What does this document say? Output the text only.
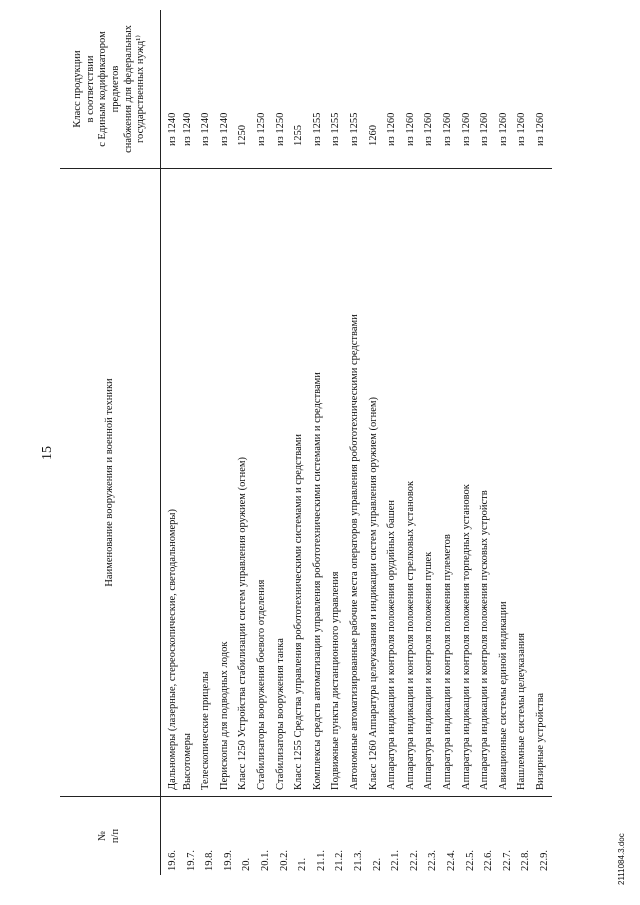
15
№ п/п	Наименование вооружения и военной техники	Класс продукции в соответствии с Единым кодификатором предметов снабжения для федеральных государственных нужд¹⁾

19.6.	Дальномеры (лазерные, стереоскопические, светодальномеры)	из 1240
19.7.	Высотомеры	из 1240
19.8.	Телескопические прицелы	из 1240
19.9.	Перископы для подводных лодок	из 1240
20.	Класс 1250 Устройства стабилизации систем управления оружием (огнем)	1250
20.1.	Стабилизаторы вооружения боевого отделения	из 1250
20.2.	Стабилизаторы вооружения танка	из 1250
21.	Класс 1255 Средства управления робототехническими системами и средствами	1255
21.1.	Комплексы средств автоматизации управления робототехническими системами и средствами	из 1255
21.2.	Подвижные пункты дистанционного управления	из 1255
21.3.	Автономные автоматизированные рабочие места операторов управления робототехническими средствами	из 1255
22.	Класс 1260 Аппаратура целеуказания и индикации систем управления оружием (огнем)	1260
22.1.	Аппаратура индикации и контроля положения орудийных башен	из 1260
22.2.	Аппаратура индикации и контроля положения стрелковых установок	из 1260
22.3.	Аппаратура индикации и контроля положения пушек	из 1260
22.4.	Аппаратура индикации и контроля положения пулеметов	из 1260
22.5.	Аппаратура индикации и контроля положения торпедных установок	из 1260
22.6.	Аппаратура индикации и контроля положения пусковых устройств	из 1260
22.7.	Авиационные системы единой индикации	из 1260
22.8.	Нашлемные системы целеуказания	из 1260
22.9.	Визирные устройства	из 1260
2111084.3.doc
